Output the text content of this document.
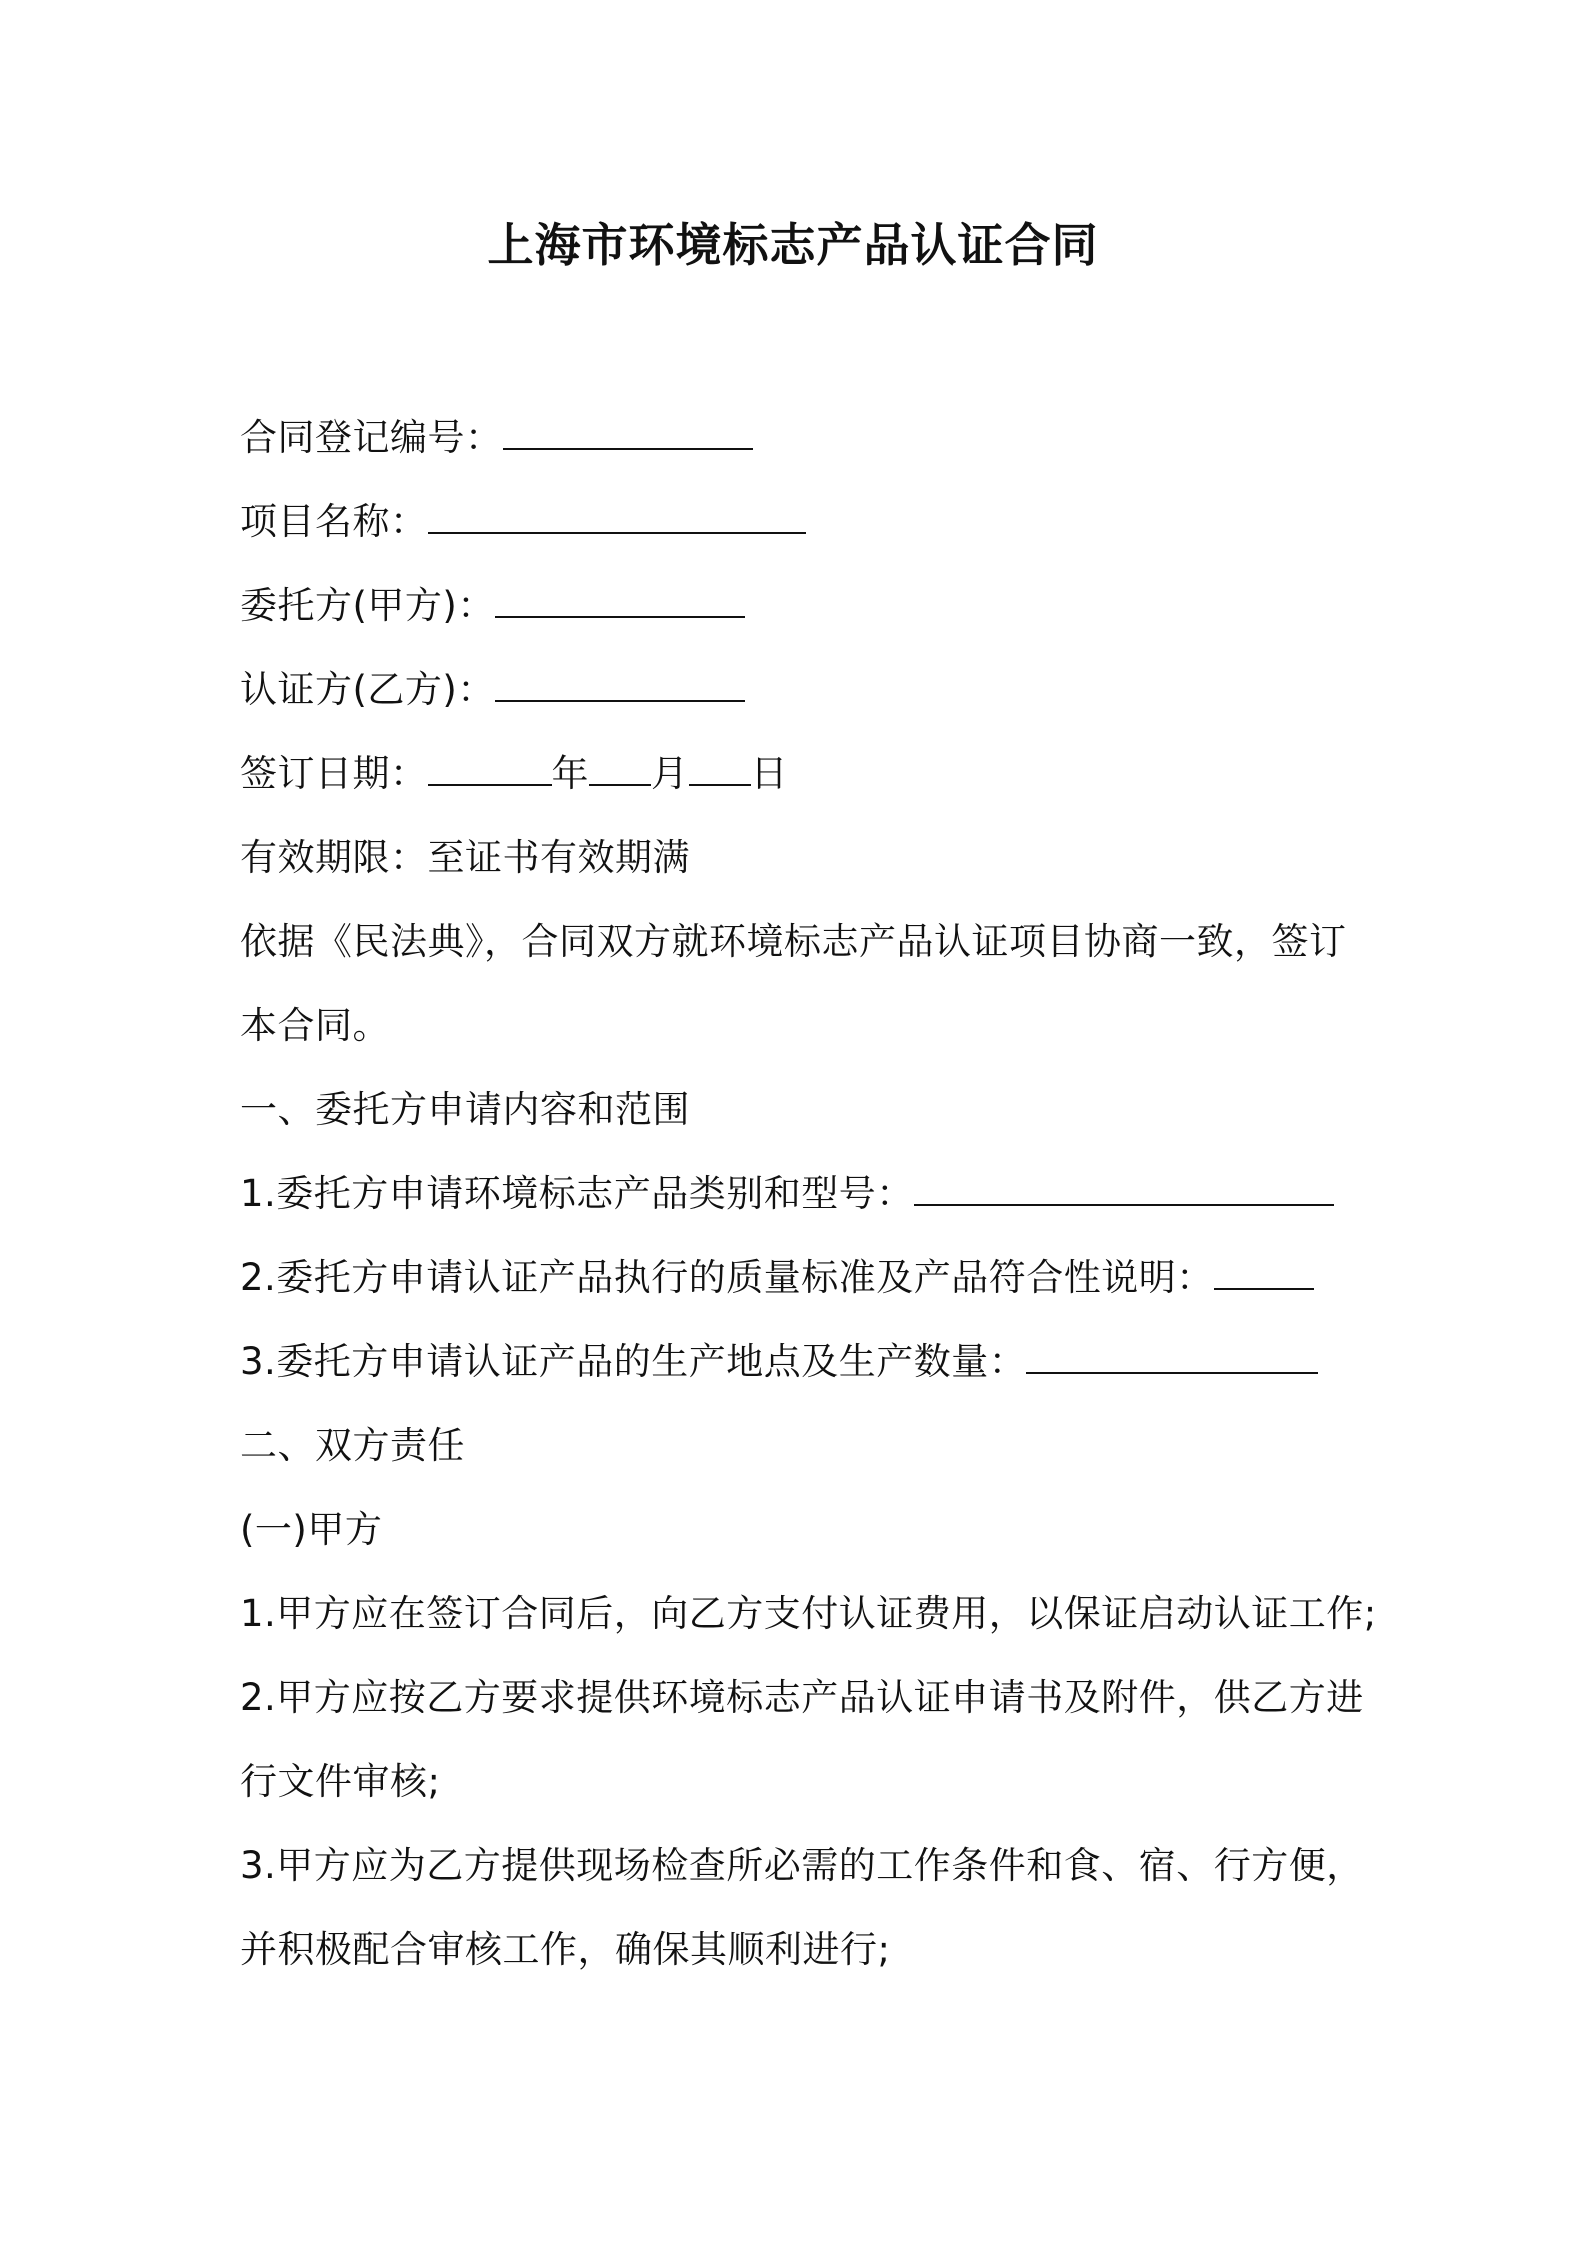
上海市环境标志产品认证合同
合同登记编号：
项目名称：
委托方(甲方)：
认证方(乙方)：
签订日期：	年 月 日
有效期限：至证书有效期满
依据《民法典》，合同双方就环境标志产品认证项目协商一致，签订
本合同。
一、委托方申请内容和范围
1.委托方申请环境标志产品类别和型号：
2.委托方申请认证产品执行的质量标准及产品符合性说明：
3.委托方申请认证产品的生产地点及生产数量：
二、双方责任
(一)甲方
1.甲方应在签订合同后，向乙方支付认证费用，以保证启动认证工作;
2.甲方应按乙方要求提供环境标志产品认证申请书及附件，供乙方进
行文件审核;
3.甲方应为乙方提供现场检查所必需的工作条件和食、宿、行方便，
并积极配合审核工作，确保其顺利进行;
